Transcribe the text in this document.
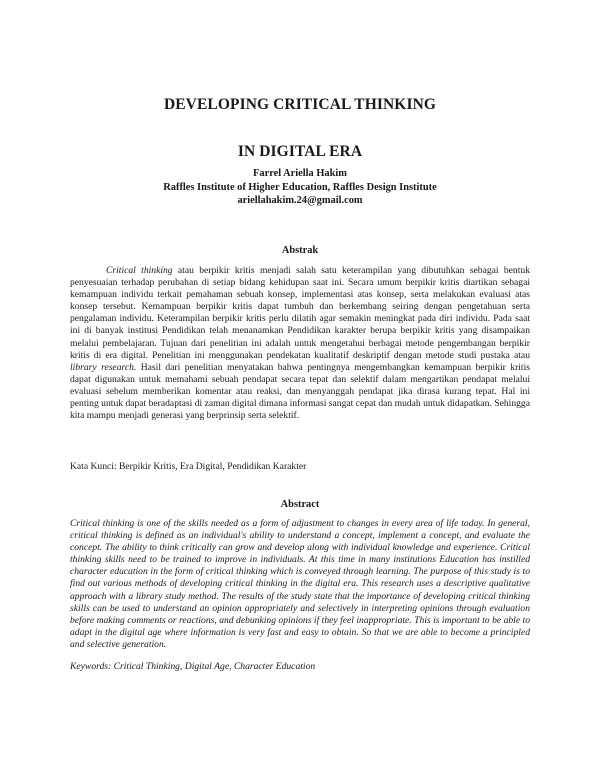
DEVELOPING CRITICAL THINKING
IN DIGITAL ERA
Farrel Ariella Hakim
Raffles Institute of Higher Education, Raffles Design Institute
ariellahakim.24@gmail.com
Abstrak

Critical thinking atau berpikir kritis menjadi salah satu keterampilan yang dibutuhkan sebagai bentuk penyesuaian terhadap perubahan di setiap bidang kehidupan saat ini. Secara umum berpikir kritis diartikan sebagai kemampuan individu terkait pemahaman sebuah konsep, implementasi atas konsep, serta melakukan evaluasi atas konsep tersebut. Kemampuan berpikir kritis dapat tumbuh dan berkembang seiring dengan pengetahuan serta pengalaman individu. Keterampilan berpikir kritis perlu dilatih agar semakin meningkat pada diri individu. Pada saat ini di banyak institusi Pendidikan telah menanamkan Pendidikan karakter berupa berpikir kritis yang disampaikan melalui pembelajaran. Tujuan dari penelitian ini adalah untuk mengetahui berbagai metode pengembangan berpikir kritis di era digital. Penelitian ini menggunakan pendekatan kualitatif deskriptif dengan metode studi pustaka atau library research. Hasil dari penelitian menyatakan bahwa pentingnya mengembangkan kemampuan berpikir kritis dapat digunakan untuk memahami sebuah pendapat secara tepat dan selektif dalam mengartikan pendapat melalui evaluasi sebelum memberikan komentar atau reaksi, dan menyanggah pendapat jika dirasa kurang tepat. Hal ini penting untuk dapat beradaptasi di zaman digital dimana informasi sangat cepat dan mudah untuk didapatkan. Sehingga kita mampu menjadi generasi yang berprinsip serta selektif.

Kata Kunci: Berpikir Kritis, Era Digital, Pendidikan Karakter
Abstract

Critical thinking is one of the skills needed as a form of adjustment to changes in every area of life today. In general, critical thinking is defined as an individual's ability to understand a concept, implement a concept, and evaluate the concept. The ability to think critically can grow and develop along with individual knowledge and experience. Critical thinking skills need to be trained to improve in individuals. At this time in many institutions Education has instilled character education in the form of critical thinking which is conveyed through learning. The purpose of this study is to find out various methods of developing critical thinking in the digital era. This research uses a descriptive qualitative approach with a library study method. The results of the study state that the importance of developing critical thinking skills can be used to understand an opinion appropriately and selectively in interpreting opinions through evaluation before making comments or reactions, and debunking opinions if they feel inappropriate. This is important to be able to adapt in the digital age where information is very fast and easy to obtain. So that we are able to become a principled and selective generation.

Keywords: Critical Thinking, Digital Age, Character Education
